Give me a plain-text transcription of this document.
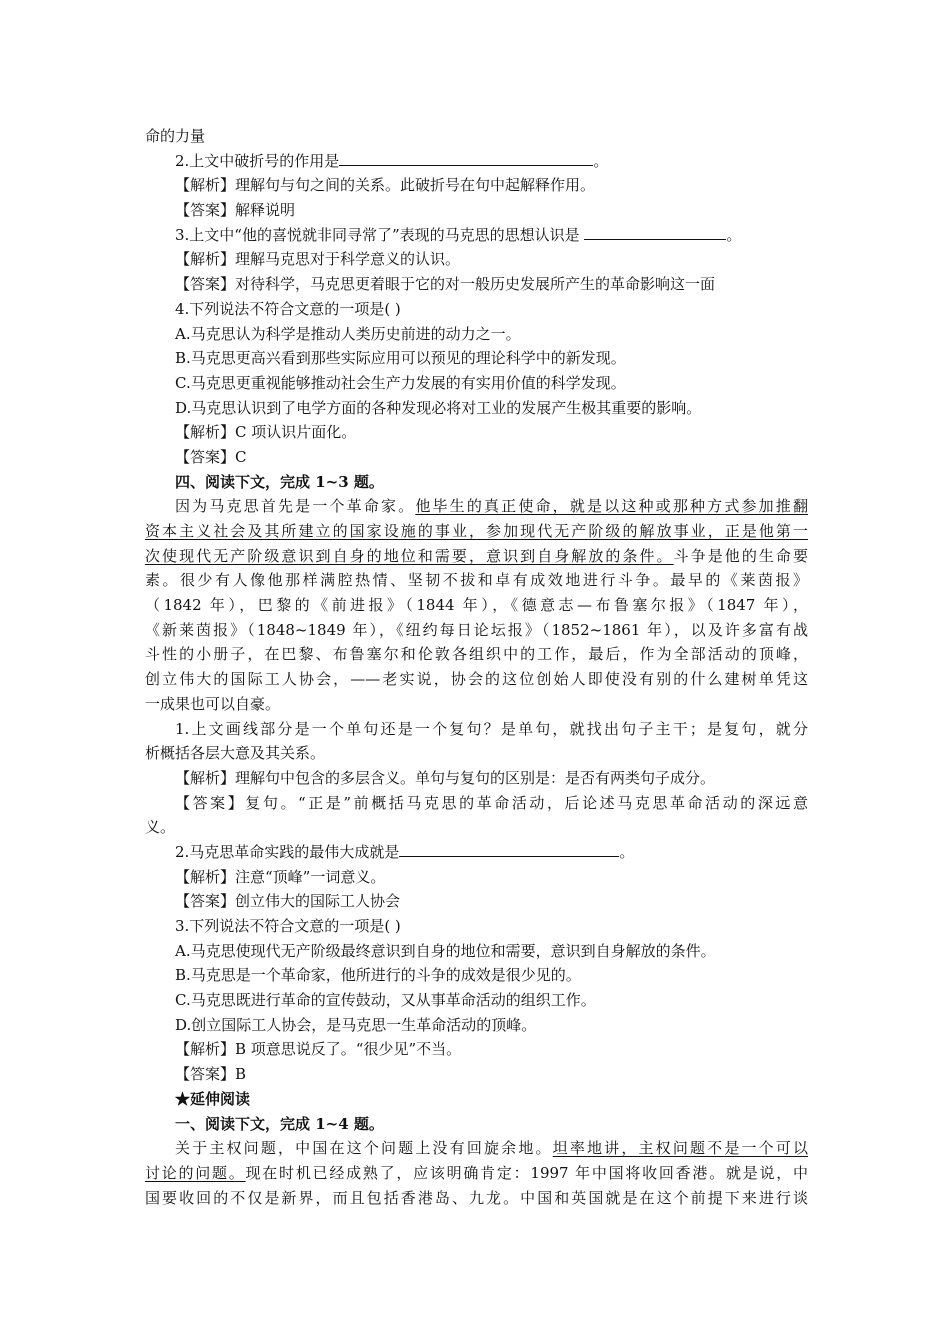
命的力量
2.上文中破折号的作用是	。
【解析】理解句与句之间的关系。此破折号在句中起解释作用。
【答案】解释说明
3.上文中“他的喜悦就非同寻常了”表现的马克思的思想认识是	。
【解析】理解马克思对于科学意义的认识。
【答案】对待科学，马克思更着眼于它的对一般历史发展所产生的革命影响这一面
4.下列说法不符合文意的一项是( )
A.马克思认为科学是推动人类历史前进的动力之一。
B.马克思更高兴看到那些实际应用可以预见的理论科学中的新发现。
C.马克思更重视能够推动社会生产力发展的有实用价值的科学发现。
D.马克思认识到了电学方面的各种发现必将对工业的发展产生极其重要的影响。
【解析】C 项认识片面化。
【答案】C
四、阅读下文，完成 1~3 题。
因为马克思首先是一个革命家。他毕生的真正使命，就是以这种或那种方式参加推翻
资本主义社会及其所建立的国家设施的事业，参加现代无产阶级的解放事业，正是他第一
次使现代无产阶级意识到自身的地位和需要，意识到自身解放的条件。斗争是他的生命要
素。很少有人像他那样满腔热情、坚韧不拔和卓有成效地进行斗争。最早的《莱茵报》
（1842 年），巴黎的《前进报》（1844 年），《德意志—布鲁塞尔报》（1847 年），
《新莱茵报》（1848~1849 年），《纽约每日论坛报》（1852~1861 年），以及许多富有战
斗性的小册子，在巴黎、布鲁塞尔和伦敦各组织中的工作，最后，作为全部活动的顶峰，
创立伟大的国际工人协会，——老实说，协会的这位创始人即使没有别的什么建树单凭这
一成果也可以自豪。
1.上文画线部分是一个单句还是一个复句？是单句，就找出句子主干；是复句，就分
析概括各层大意及其关系。
【解析】理解句中包含的多层含义。单句与复句的区别是：是否有两类句子成分。
【答案】复句。“正是”前概括马克思的革命活动，后论述马克思革命活动的深远意
义。
2.马克思革命实践的最伟大成就是	。
【解析】注意“顶峰”一词意义。
【答案】创立伟大的国际工人协会
3.下列说法不符合文意的一项是( )
A.马克思使现代无产阶级最终意识到自身的地位和需要，意识到自身解放的条件。
B.马克思是一个革命家，他所进行的斗争的成效是很少见的。
C.马克思既进行革命的宣传鼓动，又从事革命活动的组织工作。
D.创立国际工人协会，是马克思一生革命活动的顶峰。
【解析】B 项意思说反了。“很少见”不当。
【答案】B
★延伸阅读
一、阅读下文，完成 1~4 题。
关于主权问题，中国在这个问题上没有回旋余地。坦率地讲，主权问题不是一个可以
讨论的问题。现在时机已经成熟了，应该明确肯定：1997 年中国将收回香港。就是说，中
国要收回的不仅是新界，而且包括香港岛、九龙。中国和英国就是在这个前提下来进行谈
